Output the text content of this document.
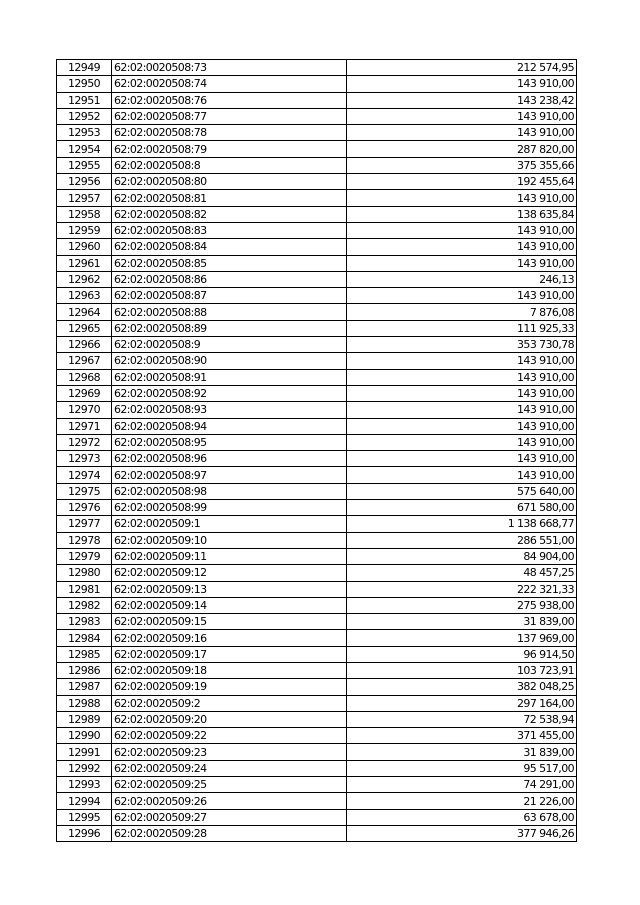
12949	62:02:0020508:73	212 574,95
12950	62:02:0020508:74	143 910,00
12951	62:02:0020508:76	143 238,42
12952	62:02:0020508:77	143 910,00
12953	62:02:0020508:78	143 910,00
12954	62:02:0020508:79	287 820,00
12955	62:02:0020508:8	375 355,66
12956	62:02:0020508:80	192 455,64
12957	62:02:0020508:81	143 910,00
12958	62:02:0020508:82	138 635,84
12959	62:02:0020508:83	143 910,00
12960	62:02:0020508:84	143 910,00
12961	62:02:0020508:85	143 910,00
12962	62:02:0020508:86	246,13
12963	62:02:0020508:87	143 910,00
12964	62:02:0020508:88	7 876,08
12965	62:02:0020508:89	111 925,33
12966	62:02:0020508:9	353 730,78
12967	62:02:0020508:90	143 910,00
12968	62:02:0020508:91	143 910,00
12969	62:02:0020508:92	143 910,00
12970	62:02:0020508:93	143 910,00
12971	62:02:0020508:94	143 910,00
12972	62:02:0020508:95	143 910,00
12973	62:02:0020508:96	143 910,00
12974	62:02:0020508:97	143 910,00
12975	62:02:0020508:98	575 640,00
12976	62:02:0020508:99	671 580,00
12977	62:02:0020509:1	1 138 668,77
12978	62:02:0020509:10	286 551,00
12979	62:02:0020509:11	84 904,00
12980	62:02:0020509:12	48 457,25
12981	62:02:0020509:13	222 321,33
12982	62:02:0020509:14	275 938,00
12983	62:02:0020509:15	31 839,00
12984	62:02:0020509:16	137 969,00
12985	62:02:0020509:17	96 914,50
12986	62:02:0020509:18	103 723,91
12987	62:02:0020509:19	382 048,25
12988	62:02:0020509:2	297 164,00
12989	62:02:0020509:20	72 538,94
12990	62:02:0020509:22	371 455,00
12991	62:02:0020509:23	31 839,00
12992	62:02:0020509:24	95 517,00
12993	62:02:0020509:25	74 291,00
12994	62:02:0020509:26	21 226,00
12995	62:02:0020509:27	63 678,00
12996	62:02:0020509:28	377 946,26
